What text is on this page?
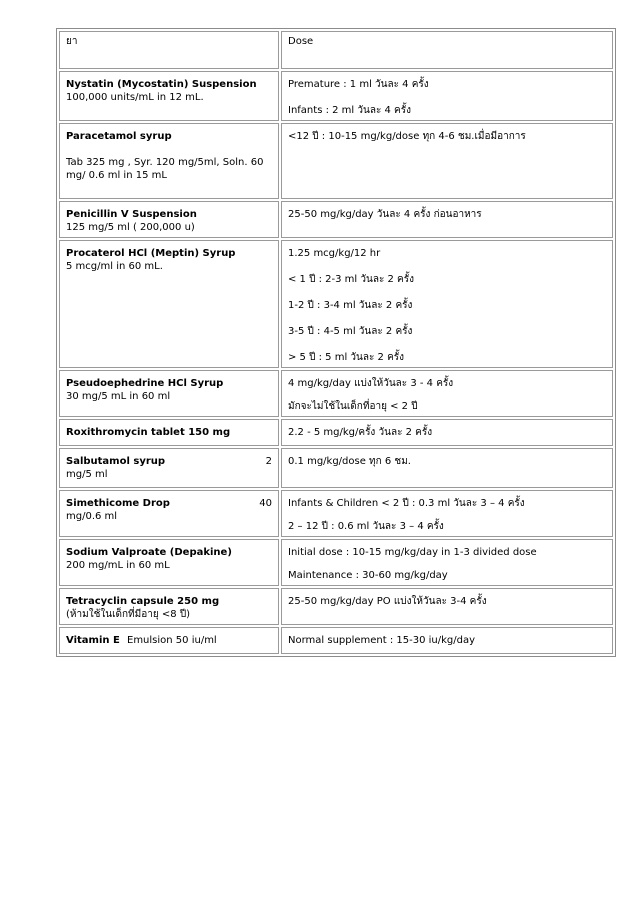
ยา	Dose

Nystatin (Mycostatin) Suspension
100,000 units/mL in 12 mL.	Premature : 1 ml วันละ 4 ครั้ง
Infants : 2 ml วันละ 4 ครั้ง

Paracetamol syrup
Tab 325 mg , Syr. 120 mg/5ml, Soln. 60 mg/ 0.6 ml in 15 mL	<12 ปี : 10-15 mg/kg/dose ทุก 4-6 ชม.เมื่อมีอาการ

Penicillin V Suspension
125 mg/5 ml ( 200,000 u)	25-50 mg/kg/day วันละ 4 ครั้ง ก่อนอาหาร

Procaterol HCl (Meptin) Syrup
5 mcg/ml in 60 mL.	1.25 mcg/kg/12 hr
< 1 ปี : 2-3 ml วันละ 2 ครั้ง
1-2 ปี : 3-4 ml วันละ 2 ครั้ง
3-5 ปี : 4-5 ml วันละ 2 ครั้ง
> 5 ปี : 5 ml วันละ 2 ครั้ง

Pseudoephedrine HCl Syrup
30 mg/5 mL in 60 ml	4 mg/kg/day แบ่งให้วันละ 3 - 4 ครั้ง
มักจะไม่ใช้ในเด็กที่อายุ < 2 ปี

Roxithromycin tablet 150 mg	2.2 - 5 mg/kg/ครั้ง วันละ 2 ครั้ง

Salbutamol syrup 2
mg/5 ml	0.1 mg/kg/dose ทุก 6 ชม.

Simethicome Drop 40
mg/0.6 ml	Infants & Children < 2 ปี : 0.3 ml วันละ 3 – 4 ครั้ง
2 – 12 ปี : 0.6 ml วันละ 3 – 4 ครั้ง

Sodium Valproate (Depakine)
200 mg/mL in 60 mL	Initial dose : 10-15 mg/kg/day in 1-3 divided dose
Maintenance : 30-60 mg/kg/day

Tetracyclin capsule 250 mg
(ห้ามใช้ในเด็กที่มีอายุ <8 ปี)	25-50 mg/kg/day PO แบ่งให้วันละ 3-4 ครั้ง

Vitamin E Emulsion 50 iu/ml	Normal supplement : 15-30 iu/kg/day
